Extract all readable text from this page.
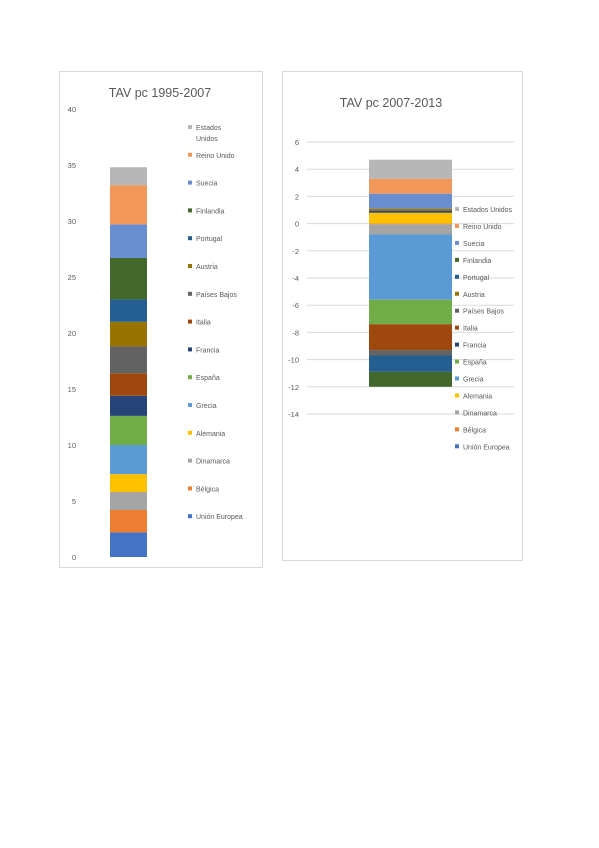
TAV pc 1995-2007
0
5
10
15
20
25
30
35
40
Estados Unidos
Reino Unido
Suecia
Finlandia
Portugal
Austria
Países Bajos
Italia
Francia
España
Grecia
Alemania
Dinamarca
Bélgica
Unión Europea
TAV pc 2007-2013
6
4
2
0
-2
-4
-6
-8
-10
-12
-14
Estados Unidos
Reino Unido
Suecia
Finlandia
Portugal
Austria
Países Bajos
Italia
Francia
España
Grecia
Alemania
Dinamarca
Bélgica
Unión Europea
